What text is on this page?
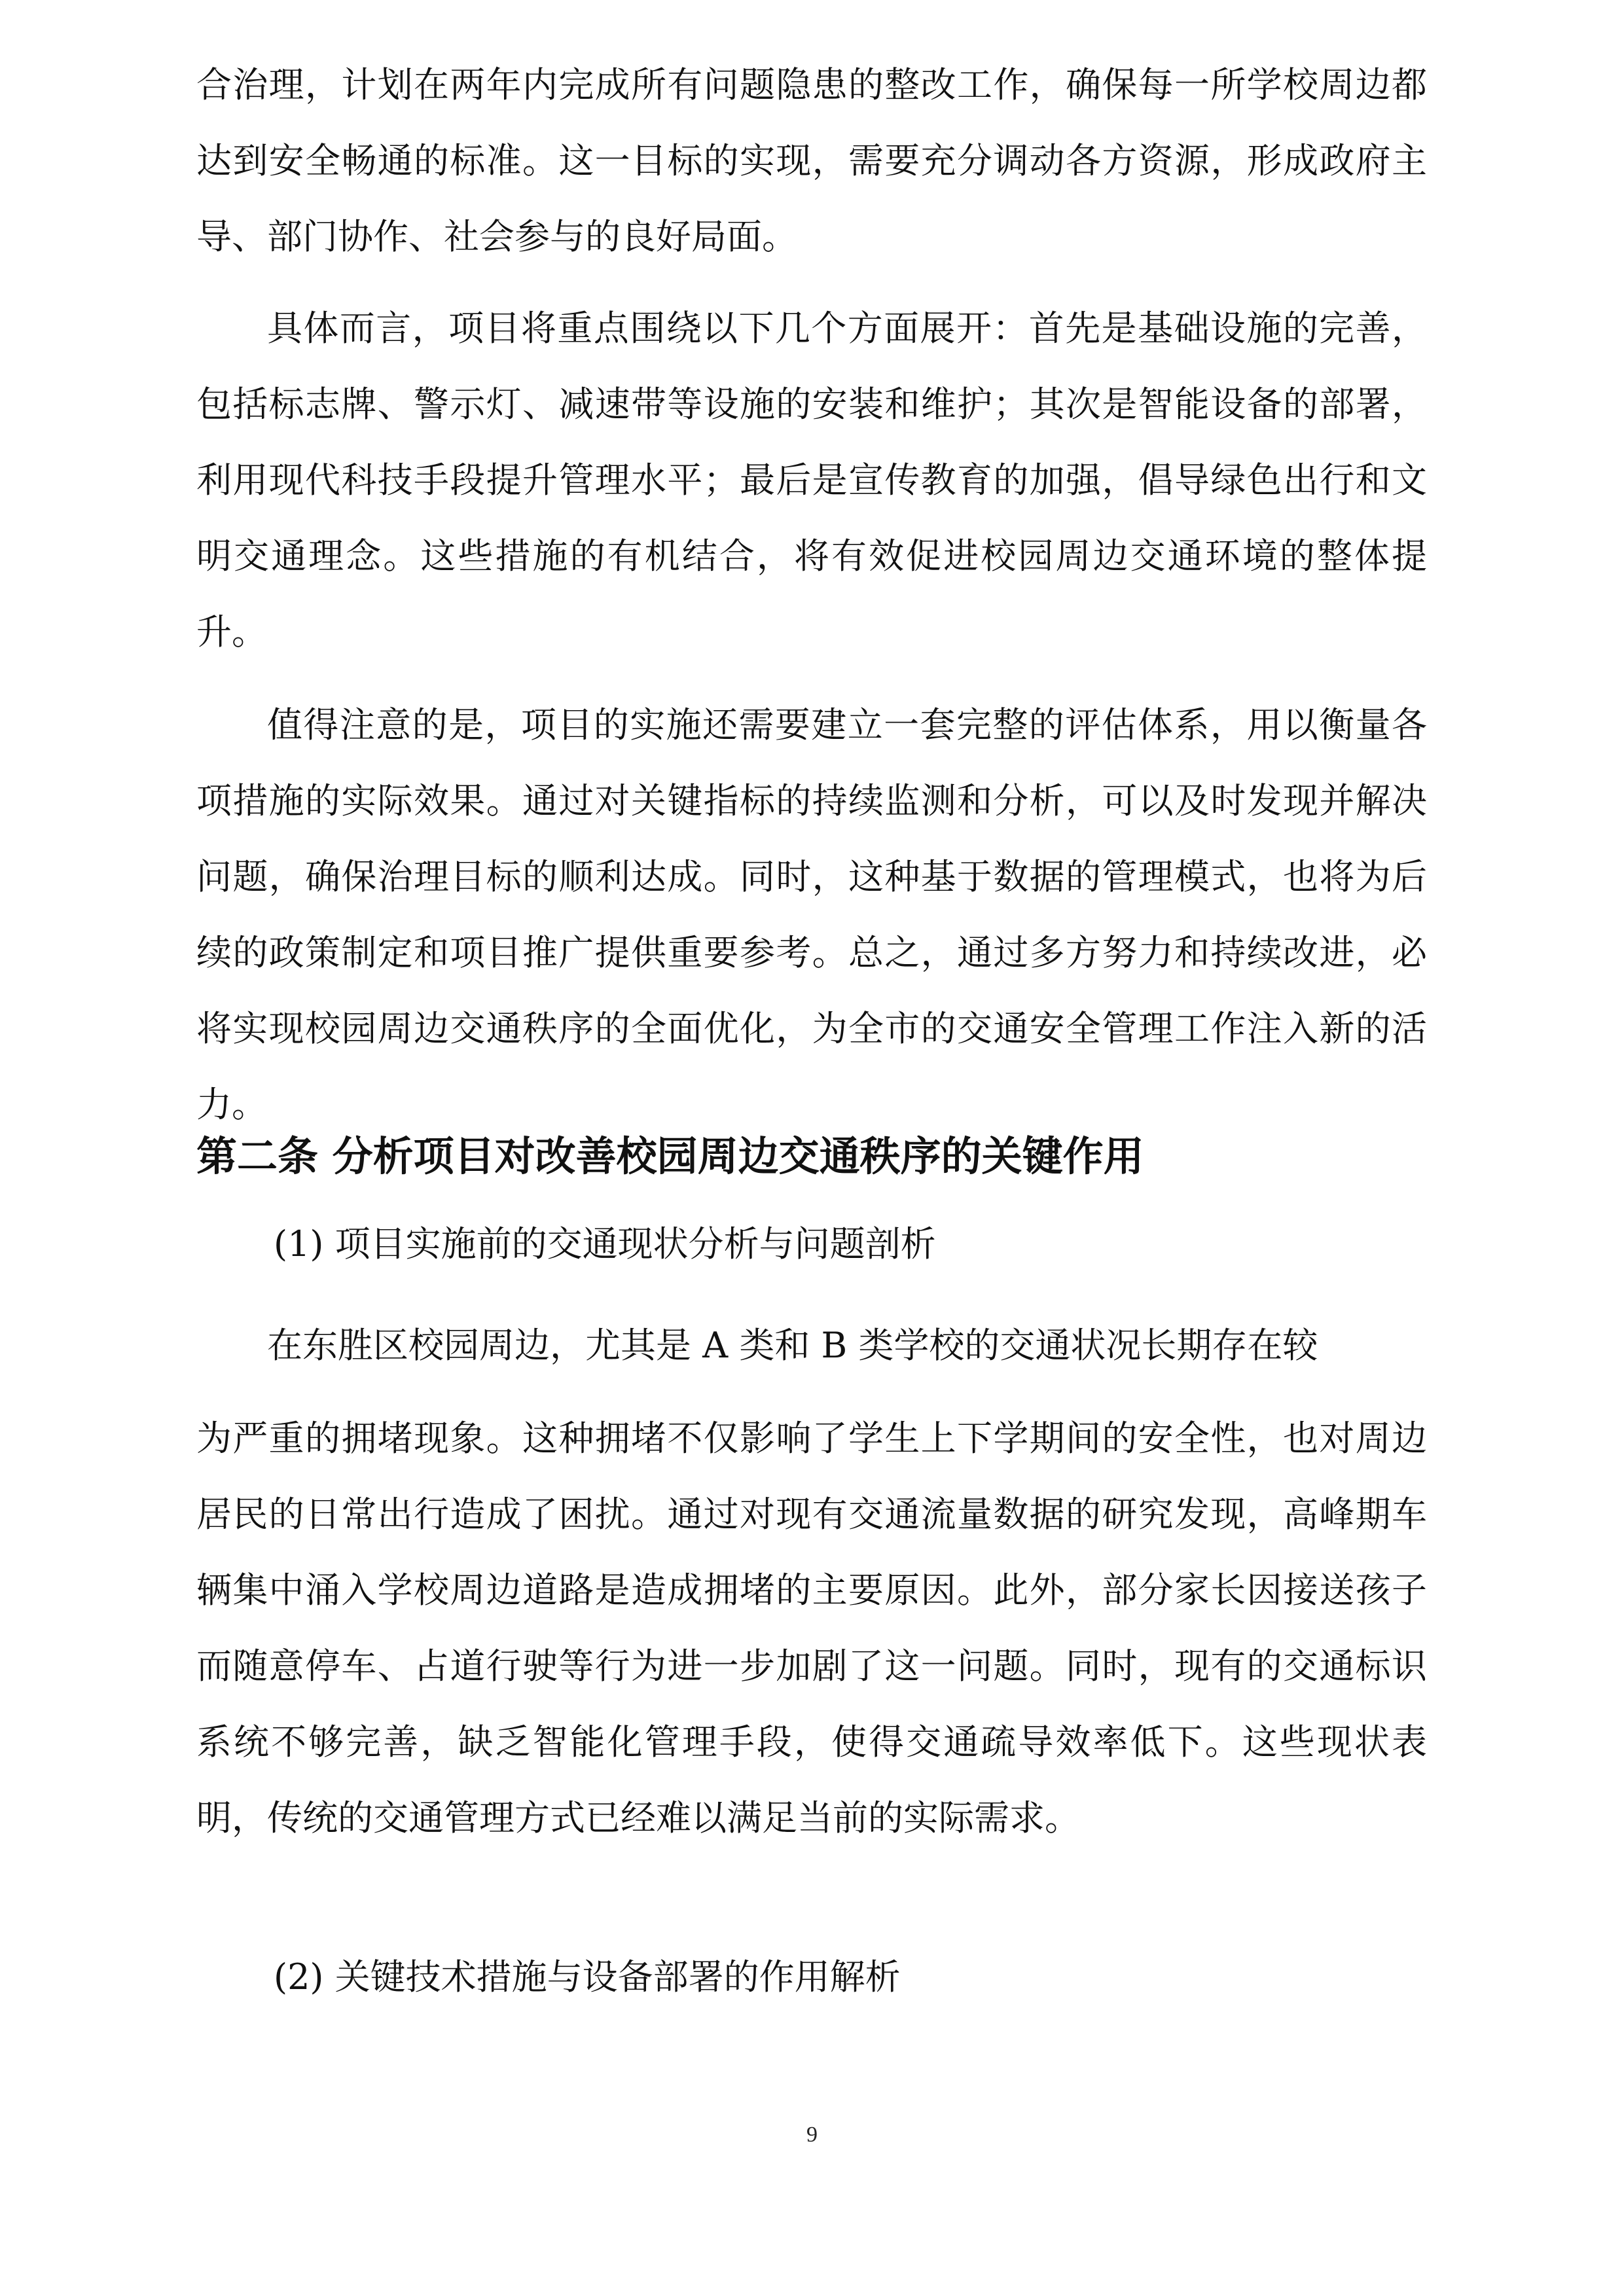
合治理，计划在两年内完成所有问题隐患的整改工作，确保每一所学校周边都达到安全畅通的标准。这一目标的实现，需要充分调动各方资源，形成政府主导、部门协作、社会参与的良好局面。

具体而言，项目将重点围绕以下几个方面展开：首先是基础设施的完善，包括标志牌、警示灯、减速带等设施的安装和维护；其次是智能设备的部署，利用现代科技手段提升管理水平；最后是宣传教育的加强，倡导绿色出行和文明交通理念。这些措施的有机结合，将有效促进校园周边交通环境的整体提升。

值得注意的是，项目的实施还需要建立一套完整的评估体系，用以衡量各项措施的实际效果。通过对关键指标的持续监测和分析，可以及时发现并解决问题，确保治理目标的顺利达成。同时，这种基于数据的管理模式，也将为后续的政策制定和项目推广提供重要参考。总之，通过多方努力和持续改进，必将实现校园周边交通秩序的全面优化，为全市的交通安全管理工作注入新的活力。

第二条 分析项目对改善校园周边交通秩序的关键作用

(1) 项目实施前的交通现状分析与问题剖析

在东胜区校园周边，尤其是 A 类和 B 类学校的交通状况长期存在较

为严重的拥堵现象。这种拥堵不仅影响了学生上下学期间的安全性，也对周边居民的日常出行造成了困扰。通过对现有交通流量数据的研究发现，高峰期车辆集中涌入学校周边道路是造成拥堵的主要原因。此外，部分家长因接送孩子而随意停车、占道行驶等行为进一步加剧了这一问题。同时，现有的交通标识系统不够完善，缺乏智能化管理手段，使得交通疏导效率低下。这些现状表明，传统的交通管理方式已经难以满足当前的实际需求。

(2) 关键技术措施与设备部署的作用解析

9
